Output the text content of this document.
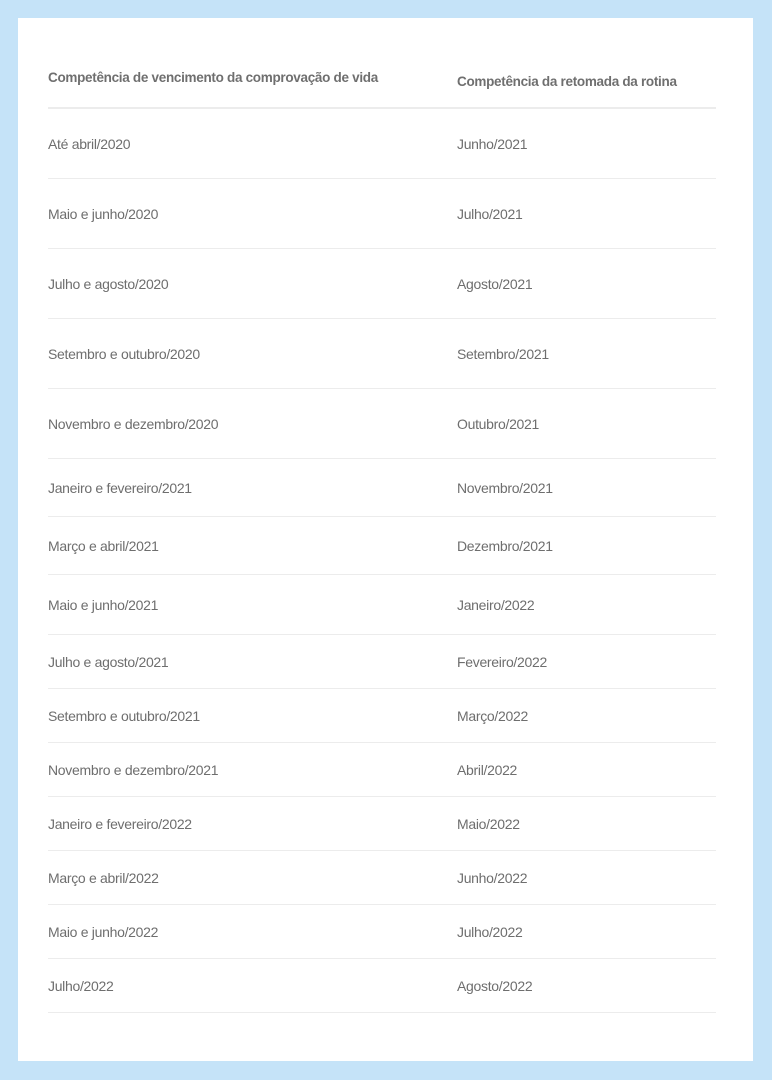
Competência de vencimento da comprovação de vida	Competência da retomada da rotina
Até abril/2020	Junho/2021
Maio e junho/2020	Julho/2021
Julho e agosto/2020	Agosto/2021
Setembro e outubro/2020	Setembro/2021
Novembro e dezembro/2020	Outubro/2021
Janeiro e fevereiro/2021	Novembro/2021
Março e abril/2021	Dezembro/2021
Maio e junho/2021	Janeiro/2022
Julho e agosto/2021	Fevereiro/2022
Setembro e outubro/2021	Março/2022
Novembro e dezembro/2021	Abril/2022
Janeiro e fevereiro/2022	Maio/2022
Março e abril/2022	Junho/2022
Maio e junho/2022	Julho/2022
Julho/2022	Agosto/2022
